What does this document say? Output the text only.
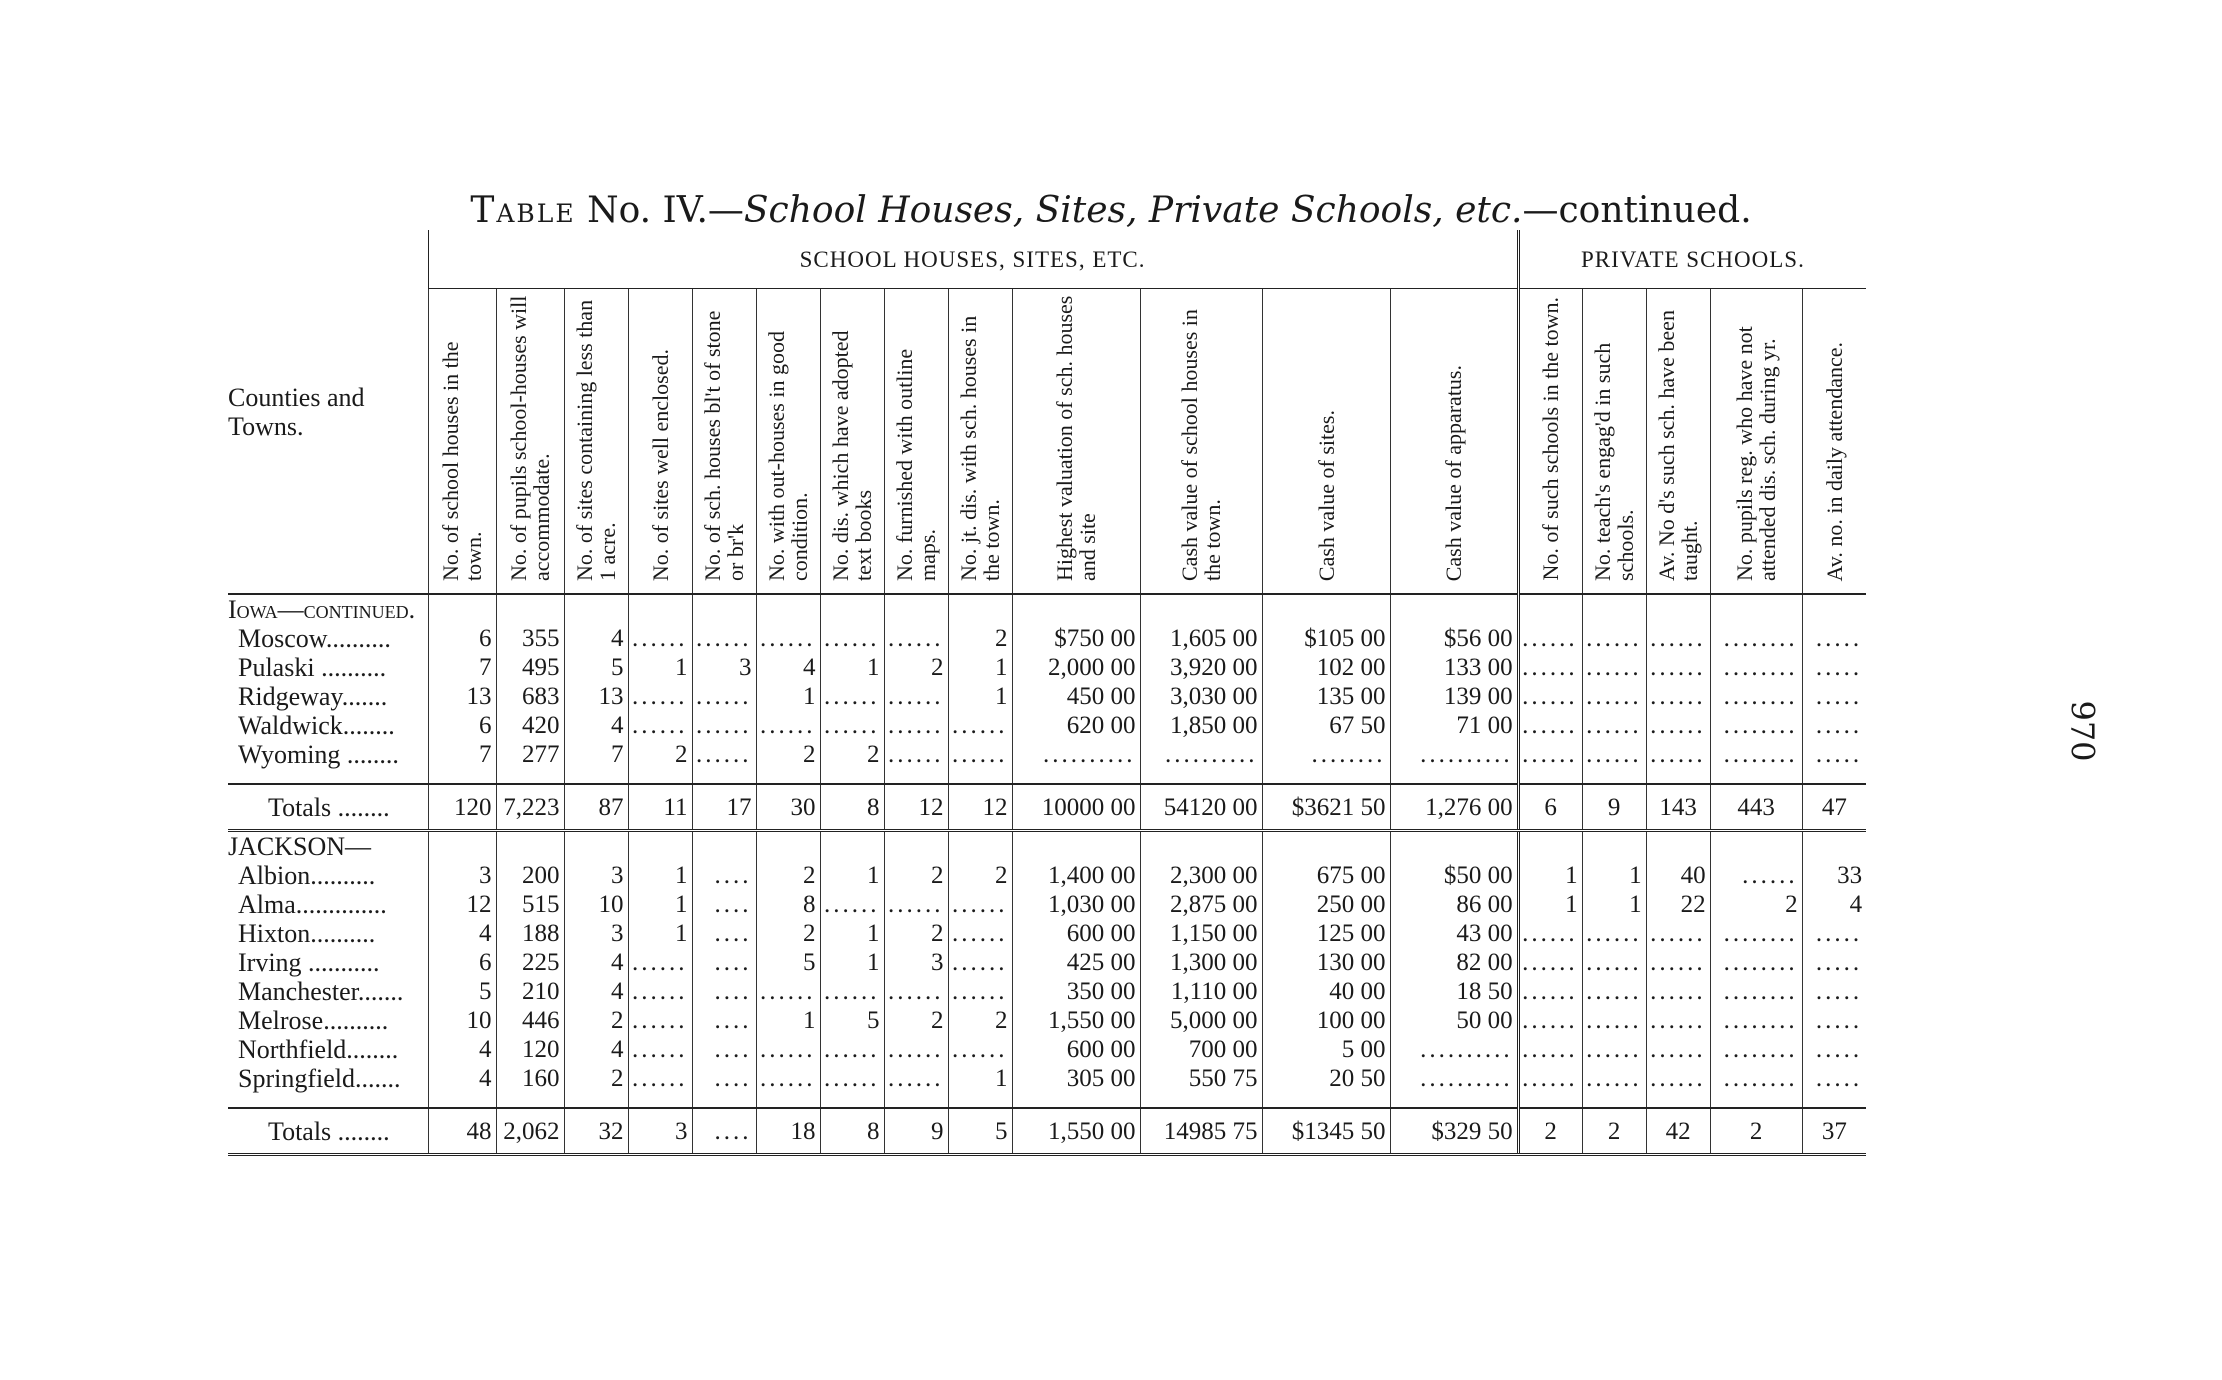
Table No. IV.—School Houses, Sites, Private Schools, etc.—continued.
970
Counties and Towns.	SCHOOL HOUSES, SITES, ETC.													PRIVATE SCHOOLS.				
	No. of school houses in the town.	No. of pupils school-houses will accommodate.	No. of sites containing less than 1 acre.	No. of sites well enclosed.	No. of sch. houses bl't of stone or br'k	No. with out-houses in good condition.	No. dis. which have adopted text books	No. furnished with outline maps.	No. jt. dis. with sch. houses in the town.	Highest valuation of sch. houses and site	Cash value of school houses in the town.	Cash value of sites.	Cash value of apparatus.	No. of such schools in the town.	No. teach's engag'd in such schools.	Av. No d's such sch. have been taught.	No. pupils reg. who have not attended dis. sch. during yr.	Av. no. in daily attendance.
Iowa—continued.																		
Moscow..........	6	355	4	......	......	......	......	......	2	$750 00	1,605 00	$105 00	$56 00	......	......	......	........	.....
Pulaski ..........	7	495	5	1	3	4	1	2	1	2,000 00	3,920 00	102 00	133 00	......	......	......	........	.....
Ridgeway.......	13	683	13	......	......	1	......	......	1	450 00	3,030 00	135 00	139 00	......	......	......	........	.....
Waldwick........	6	420	4	......	......	......	......	......	......	620 00	1,850 00	67 50	71 00	......	......	......	........	.....
Wyoming ........	7	277	7	2	......	2	2	......	......	..........	..........	........	..........	......	......	......	........	.....

Totals ........	120	7,223	87	11	17	30	8	12	12	10000 00	54120 00	$3621 50	1,276 00	6	9	143	443	47
JACKSON—																		
Albion..........	3	200	3	1	....	2	1	2	2	1,400 00	2,300 00	675 00	$50 00	1	1	40	......	33
Alma..............	12	515	10	1	....	8	......	......	......	1,030 00	2,875 00	250 00	86 00	1	1	22	2	4
Hixton..........	4	188	3	1	....	2	1	2	......	600 00	1,150 00	125 00	43 00	......	......	......	........	.....
Irving ...........	6	225	4	......	....	5	1	3	......	425 00	1,300 00	130 00	82 00	......	......	......	........	.....
Manchester.......	5	210	4	......	....	......	......	......	......	350 00	1,110 00	40 00	18 50	......	......	......	........	.....
Melrose..........	10	446	2	......	....	1	5	2	2	1,550 00	5,000 00	100 00	50 00	......	......	......	........	.....
Northfield........	4	120	4	......	....	......	......	......	......	600 00	700 00	5 00	..........	......	......	......	........	.....
Springfield.......	4	160	2	......	....	......	......	......	1	305 00	550 75	20 50	..........	......	......	......	........	.....

Totals ........	48	2,062	32	3	....	18	8	9	5	1,550 00	14985 75	$1345 50	$329 50	2	2	42	2	37
